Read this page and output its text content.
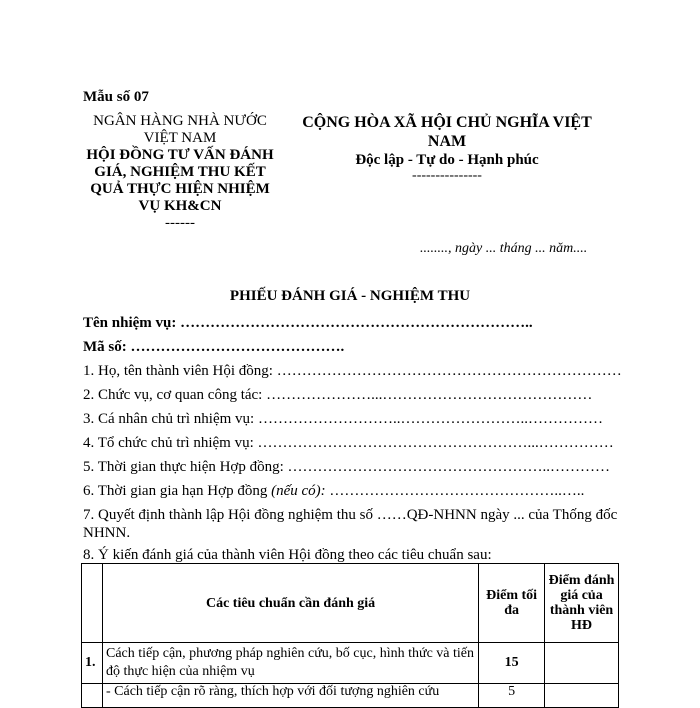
Mẫu số 07
NGÂN HÀNG NHÀ NƯỚC
VIỆT NAM
HỘI ĐỒNG TƯ VẤN ĐÁNH GIÁ, NGHIỆM THU KẾT QUẢ THỰC HIỆN NHIỆM VỤ KH&CN
------
CỘNG HÒA XÃ HỘI CHỦ NGHĨA VIỆT NAM
Độc lập - Tự do - Hạnh phúc
---------------
........, ngày ... tháng ... năm....
PHIẾU ĐÁNH GIÁ - NGHIỆM THU
Tên nhiệm vụ: ……………………………………………………………..
Mã số: …………………………………….
1. Họ, tên thành viên Hội đồng: ……………………………………………………………
2. Chức vụ, cơ quan công tác: …………………...……………………………………
3. Cá nhân chủ trì nhiệm vụ: ………………………..……………………..……………
4. Tổ chức chủ trì nhiệm vụ: ………………………………………………...……………
5. Thời gian thực hiện Hợp đồng: ……………………………………………..…………
6. Thời gian gia hạn Hợp đồng (nếu có): ………………………………………..…..
7. Quyết định thành lập Hội đồng nghiệm thu số ……QĐ-NHNN ngày ... của Thống đốc
NHNN.
8. Ý kiến đánh giá của thành viên Hội đồng theo các tiêu chuẩn sau:
	Các tiêu chuẩn cần đánh giá	Điểm tối đa	Điểm đánh giá của thành viên HĐ
1.	Cách tiếp cận, phương pháp nghiên cứu, bố cục, hình thức và tiến độ thực hiện của nhiệm vụ	15	
	- Cách tiếp cận rõ ràng, thích hợp với đối tượng nghiên cứu	5	
